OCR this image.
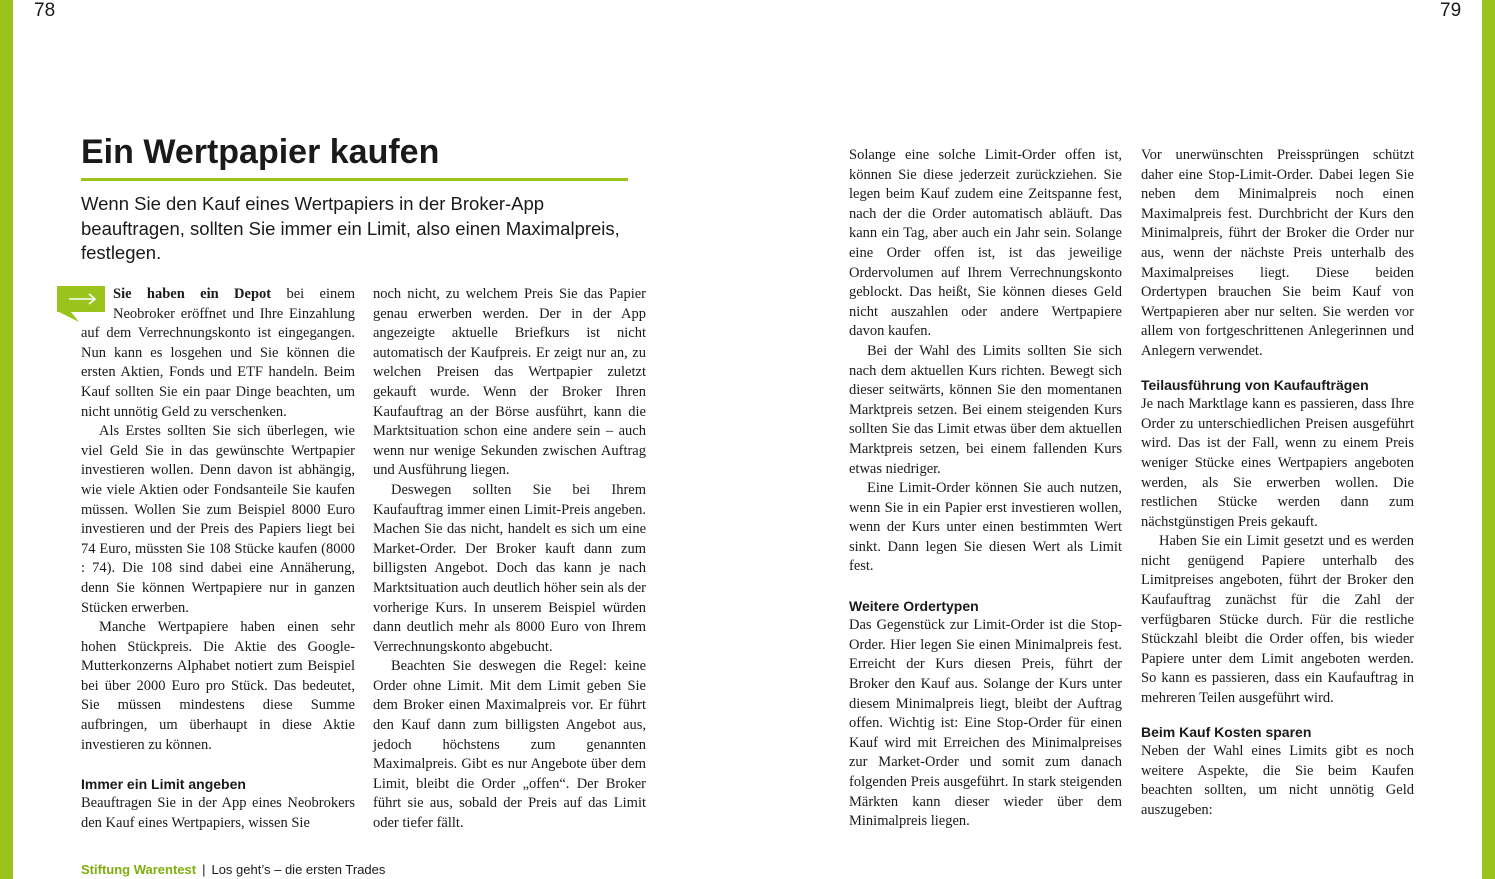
78	79
Ein Wertpapier kaufen
Wenn Sie den Kauf eines Wertpapiers in der Broker-App beauftragen, sollten Sie immer ein Limit, also einen Maximalpreis, festlegen.

Sie haben ein Depot bei einem Neobroker eröffnet und Ihre Einzahlung auf dem Verrechnungskonto ist eingegangen. Nun kann es losgehen und Sie können die ersten Aktien, Fonds und ETF handeln. Beim Kauf sollten Sie ein paar Dinge beachten, um nicht unnötig Geld zu verschenken.

Als Erstes sollten Sie sich überlegen, wie viel Geld Sie in das gewünschte Wertpapier investieren wollen. Denn davon ist abhängig, wie viele Aktien oder Fondsanteile Sie kaufen müssen. Wollen Sie zum Beispiel 8000 Euro investieren und der Preis des Papiers liegt bei 74 Euro, müssten Sie 108 Stücke kaufen (8000 : 74). Die 108 sind dabei eine Annäherung, denn Sie können Wertpapiere nur in ganzen Stücken erwerben.

Manche Wertpapiere haben einen sehr hohen Stückpreis. Die Aktie des Google-Mutterkonzerns Alphabet notiert zum Beispiel bei über 2000 Euro pro Stück. Das bedeutet, Sie müssen mindestens diese Summe aufbringen, um überhaupt in diese Aktie investieren zu können.

Immer ein Limit angeben

Beauftragen Sie in der App eines Neobrokers den Kauf eines Wertpapiers, wissen Sie

noch nicht, zu welchem Preis Sie das Papier genau erwerben werden. Der in der App angezeigte aktuelle Briefkurs ist nicht automatisch der Kaufpreis. Er zeigt nur an, zu welchen Preisen das Wertpapier zuletzt gekauft wurde. Wenn der Broker Ihren Kaufauftrag an der Börse ausführt, kann die Marktsituation schon eine andere sein – auch wenn nur wenige Sekunden zwischen Auftrag und Ausführung liegen.

Deswegen sollten Sie bei Ihrem Kaufauftrag immer einen Limit-Preis angeben. Machen Sie das nicht, handelt es sich um eine Market-Order. Der Broker kauft dann zum billigsten Angebot. Doch das kann je nach Marktsituation auch deutlich höher sein als der vorherige Kurs. In unserem Beispiel würden dann deutlich mehr als 8000 Euro von Ihrem Verrechnungskonto abgebucht.

Beachten Sie deswegen die Regel: keine Order ohne Limit. Mit dem Limit geben Sie dem Broker einen Maximalpreis vor. Er führt den Kauf dann zum billigsten Angebot aus, jedoch höchstens zum genannten Maximalpreis. Gibt es nur Angebote über dem Limit, bleibt die Order „offen“. Der Broker führt sie aus, sobald der Preis auf das Limit oder tiefer fällt.

Solange eine solche Limit-Order offen ist, können Sie diese jederzeit zurückziehen. Sie legen beim Kauf zudem eine Zeitspanne fest, nach der die Order automatisch abläuft. Das kann ein Tag, aber auch ein Jahr sein. Solange eine Order offen ist, ist das jeweilige Ordervolumen auf Ihrem Verrechnungskonto geblockt. Das heißt, Sie können dieses Geld nicht auszahlen oder andere Wertpapiere davon kaufen.

Bei der Wahl des Limits sollten Sie sich nach dem aktuellen Kurs richten. Bewegt sich dieser seitwärts, können Sie den momentanen Marktpreis setzen. Bei einem steigenden Kurs sollten Sie das Limit etwas über dem aktuellen Marktpreis setzen, bei einem fallenden Kurs etwas niedriger.

Eine Limit-Order können Sie auch nutzen, wenn Sie in ein Papier erst investieren wollen, wenn der Kurs unter einen bestimmten Wert sinkt. Dann legen Sie diesen Wert als Limit fest.

Weitere Ordertypen

Das Gegenstück zur Limit-Order ist die Stop-Order. Hier legen Sie einen Minimalpreis fest. Erreicht der Kurs diesen Preis, führt der Broker den Kauf aus. Solange der Kurs unter diesem Minimalpreis liegt, bleibt der Auftrag offen. Wichtig ist: Eine Stop-Order für einen Kauf wird mit Erreichen des Minimalpreises zur Market-Order und somit zum danach folgenden Preis ausgeführt. In stark steigenden Märkten kann dieser wieder über dem Minimalpreis liegen.

Vor unerwünschten Preissprüngen schützt daher eine Stop-Limit-Order. Dabei legen Sie neben dem Minimalpreis noch einen Maximalpreis fest. Durchbricht der Kurs den Minimalpreis, führt der Broker die Order nur aus, wenn der nächste Preis unterhalb des Maximalpreises liegt. Diese beiden Ordertypen brauchen Sie beim Kauf von Wertpapieren aber nur selten. Sie werden vor allem von fortgeschrittenen Anlegerinnen und Anlegern verwendet.

Teilausführung von Kaufaufträgen

Je nach Marktlage kann es passieren, dass Ihre Order zu unterschiedlichen Preisen ausgeführt wird. Das ist der Fall, wenn zu einem Preis weniger Stücke eines Wertpapiers angeboten werden, als Sie erwerben wollen. Die restlichen Stücke werden dann zum nächstgünstigen Preis gekauft.

Haben Sie ein Limit gesetzt und es werden nicht genügend Papiere unterhalb des Limitpreises angeboten, führt der Broker den Kaufauftrag zunächst für die Zahl der verfügbaren Stücke durch. Für die restliche Stückzahl bleibt die Order offen, bis wieder Papiere unter dem Limit angeboten werden. So kann es passieren, dass ein Kaufauftrag in mehreren Teilen ausgeführt wird.

Beim Kauf Kosten sparen

Neben der Wahl eines Limits gibt es noch weitere Aspekte, die Sie beim Kaufen beachten sollten, um nicht unnötig Geld auszugeben:

Stiftung Warentest | Los geht’s – die ersten Trades
